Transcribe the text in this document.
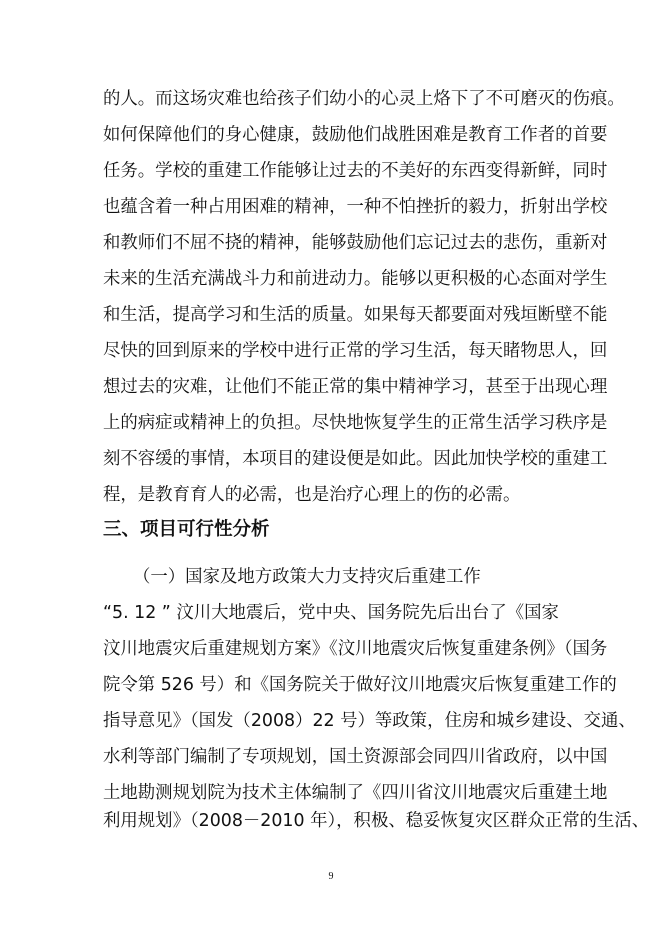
的人。而这场灾难也给孩子们幼小的心灵上烙下了不可磨灭的伤痕。
如何保障他们的身心健康，鼓励他们战胜困难是教育工作者的首要
任务。学校的重建工作能够让过去的不美好的东西变得新鲜，同时
也蕴含着一种占用困难的精神，一种不怕挫折的毅力，折射出学校
和教师们不屈不挠的精神，能够鼓励他们忘记过去的悲伤，重新对
未来的生活充满战斗力和前进动力。能够以更积极的心态面对学生
和生活，提高学习和生活的质量。如果每天都要面对残垣断壁不能
尽快的回到原来的学校中进行正常的学习生活，每天睹物思人，回
想过去的灾难，让他们不能正常的集中精神学习，甚至于出现心理
上的病症或精神上的负担。尽快地恢复学生的正常生活学习秩序是
刻不容缓的事情，本项目的建设便是如此。因此加快学校的重建工
程，是教育育人的必需，也是治疗心理上的伤的必需。
三、项目可行性分析
（一）国家及地方政策大力支持灾后重建工作
“5. 12 ” 汶川大地震后，党中央、国务院先后出台了《国家
汶川地震灾后重建规划方案》《汶川地震灾后恢复重建条例》（国务
院令第 526 号）和《国务院关于做好汶川地震灾后恢复重建工作的
指导意见》（国发（2008）22 号）等政策，住房和城乡建设、交通、
水利等部门编制了专项规划，国土资源部会同四川省政府，以中国
土地勘测规划院为技术主体编制了《四川省汶川地震灾后重建土地
利用规划》（2008－2010 年），积极、稳妥恢复灾区群众正常的生活、
9
